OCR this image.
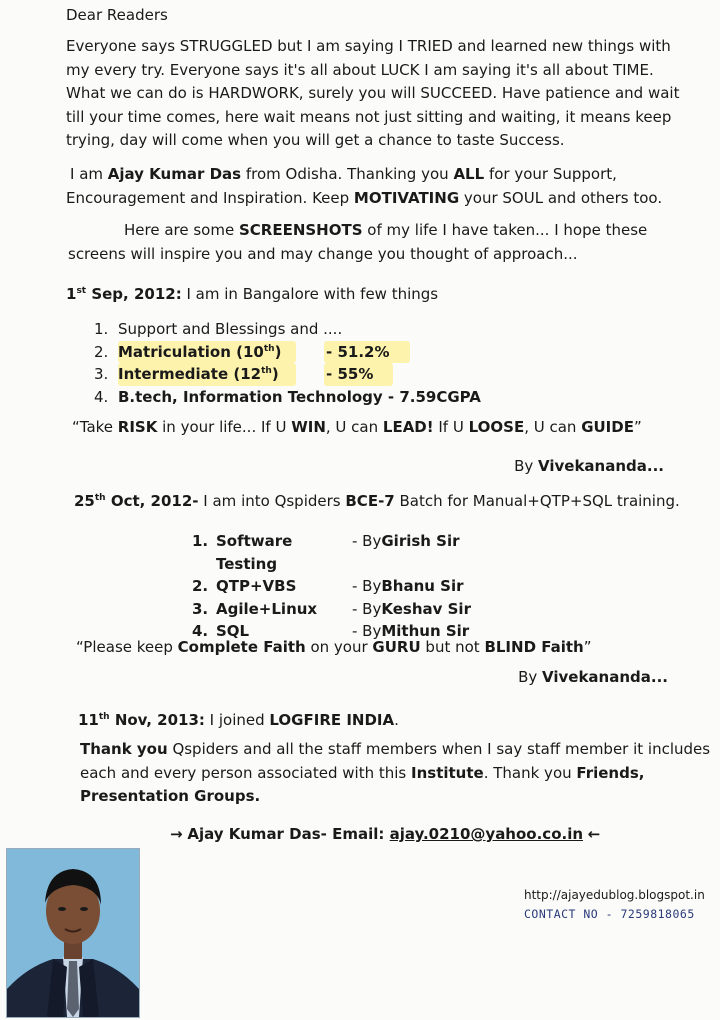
Dear Readers

Everyone says STRUGGLED but I am saying I TRIED and learned new things with
my every try. Everyone says it's all about LUCK I am saying it's all about TIME.
What we can do is HARDWORK, surely you will SUCCEED. Have patience and wait
till your time comes, here wait means not just sitting and waiting, it means keep
trying, day will come when you will get a chance to taste Success.
I am Ajay Kumar Das from Odisha. Thanking you ALL for your Support,
Encouragement and Inspiration. Keep MOTIVATING your SOUL and others too.
Here are some SCREENSHOTS of my life I have taken... I hope these
screens will inspire you and may change you thought of approach...
1st Sep, 2012: I am in Bangalore with few things
1. Support and Blessings and ....
2. Matriculation (10th)	- 51.2%
3. Intermediate (12th)	- 55%
4. B.tech, Information Technology - 7.59CGPA
“Take RISK in your life... If U WIN, U can LEAD! If U LOOSE, U can GUIDE”
By Vivekananda...
25th Oct, 2012- I am into Qspiders BCE-7 Batch for Manual+QTP+SQL training.
1. Software Testing
- By Girish Sir
2. QTP+VBS	- By Bhanu Sir
3. Agile+Linux	- By Keshav Sir
4. SQL	- By Mithun Sir
“Please keep Complete Faith on your GURU but not BLIND Faith”
By Vivekananda...
11th Nov, 2013: I joined LOGFIRE INDIA.
Thank you Qspiders and all the staff members when I say staff member it includes
each and every person associated with this Institute. Thank you Friends,
Presentation Groups.
→ Ajay Kumar Das- Email: ajay.0210@yahoo.co.in ←
http://ajayedublog.blogspot.in
CONTACT NO - 7259818065
